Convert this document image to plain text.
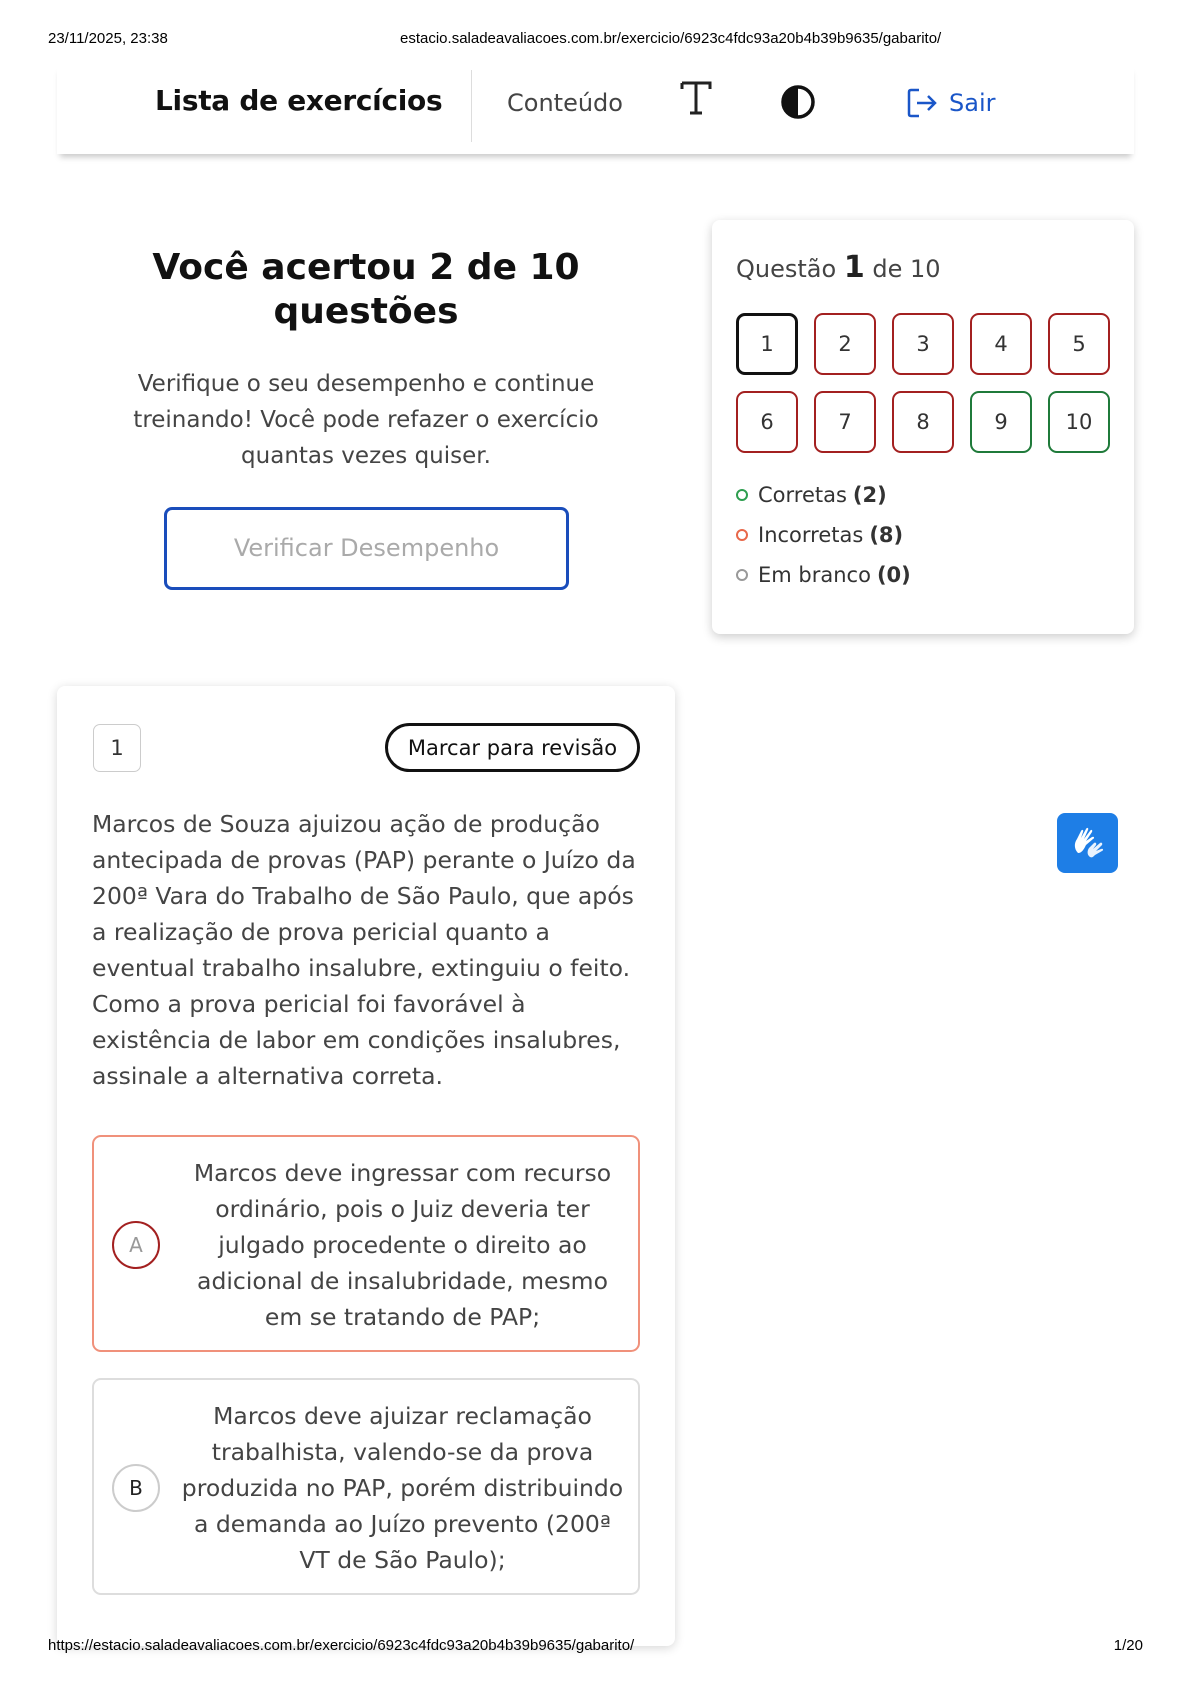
23/11/2025, 23:38	estacio.saladeavaliacoes.com.br/exercicio/6923c4fdc93a20b4b39b9635/gabarito/
Lista de exercícios	Conteúdo	Sair
Você acertou 2 de 10 questões
Verifique o seu desempenho e continue treinando! Você pode refazer o exercício quantas vezes quiser.
Verificar Desempenho
Questão 1 de 10
1	2	3	4	5
6	7	8	9	10
Corretas (2)
Incorretas (8)
Em branco (0)
1	Marcar para revisão
Marcos de Souza ajuizou ação de produção antecipada de provas (PAP) perante o Juízo da 200ª Vara do Trabalho de São Paulo, que após a realização de prova pericial quanto a eventual trabalho insalubre, extinguiu o feito. Como a prova pericial foi favorável à existência de labor em condições insalubres, assinale a alternativa correta.
A
Marcos deve ingressar com recurso ordinário, pois o Juiz deveria ter julgado procedente o direito ao adicional de insalubridade, mesmo em se tratando de PAP;
B
Marcos deve ajuizar reclamação trabalhista, valendo-se da prova produzida no PAP, porém distribuindo a demanda ao Juízo prevento (200ª VT de São Paulo);
https://estacio.saladeavaliacoes.com.br/exercicio/6923c4fdc93a20b4b39b9635/gabarito/	1/20
